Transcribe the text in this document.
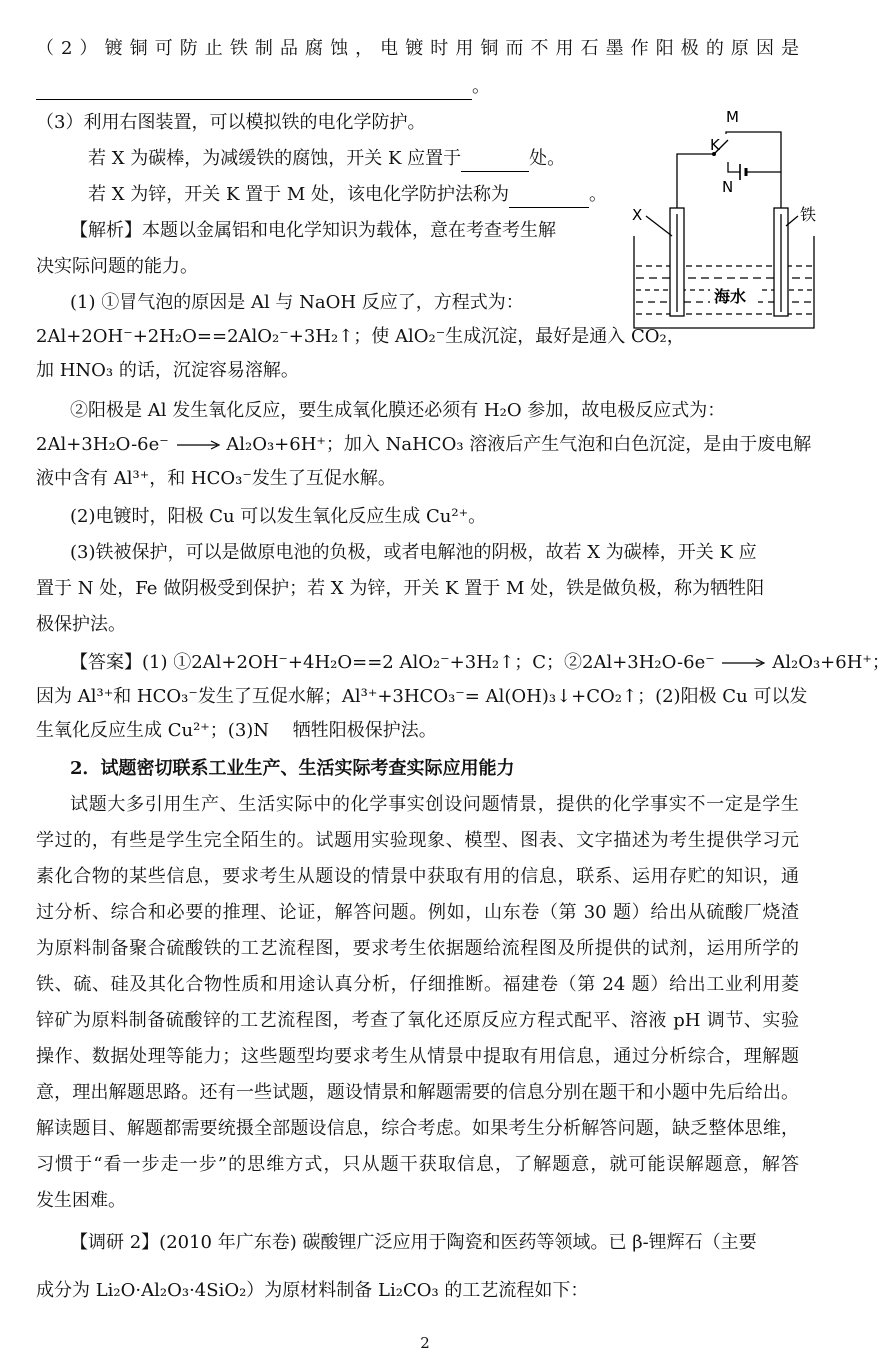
（2）镀铜可防止铁制品腐蚀，电镀时用铜而不用石墨作阳极的原因是
。
（3）利用右图装置，可以模拟铁的电化学防护。
若 X 为碳棒，为减缓铁的腐蚀，开关 K 应置于	处。
若 X 为锌，开关 K 置于 M 处，该电化学防护法称为	。
M
K
N
X	铁
海水
【解析】本题以金属铝和电化学知识为载体，意在考查考生解
决实际问题的能力。
(1) ①冒气泡的原因是 Al 与 NaOH 反应了，方程式为：
2Al+2OH⁻+2H₂O==2AlO₂⁻+3H₂↑；使 AlO₂⁻生成沉淀，最好是通入 CO₂，
加 HNO₃ 的话，沉淀容易溶解。
②阳极是 Al 发生氧化反应，要生成氧化膜还必须有 H₂O 参加，故电极反应式为：
2Al+3H₂O-6e⁻ → Al₂O₃+6H⁺；加入 NaHCO₃ 溶液后产生气泡和白色沉淀，是由于废电解
液中含有 Al³⁺，和 HCO₃⁻发生了互促水解。
(2)电镀时，阳极 Cu 可以发生氧化反应生成 Cu²⁺。
(3)铁被保护，可以是做原电池的负极，或者电解池的阴极，故若 X 为碳棒，开关 K 应
置于 N 处，Fe 做阴极受到保护；若 X 为锌，开关 K 置于 M 处，铁是做负极，称为牺牲阳
极保护法。
【答案】(1) ①2Al+2OH⁻+4H₂O==2 AlO₂⁻+3H₂↑；C；②2Al+3H₂O-6e⁻ → Al₂O₃+6H⁺；
因为 Al³⁺和 HCO₃⁻发生了互促水解；Al³⁺+3HCO₃⁻= Al(OH)₃↓+CO₂↑；(2)阳极 Cu 可以发
生氧化反应生成 Cu²⁺；(3)N　 牺牲阳极保护法。
2．试题密切联系工业生产、生活实际考查实际应用能力
试题大多引用生产、生活实际中的化学事实创设问题情景，提供的化学事实不一定是学生
学过的，有些是学生完全陌生的。试题用实验现象、模型、图表、文字描述为考生提供学习元
素化合物的某些信息，要求考生从题设的情景中获取有用的信息，联系、运用存贮的知识，通
过分析、综合和必要的推理、论证，解答问题。例如，山东卷（第 30 题）给出从硫酸厂烧渣
为原料制备聚合硫酸铁的工艺流程图，要求考生依据题给流程图及所提供的试剂，运用所学的
铁、硫、硅及其化合物性质和用途认真分析，仔细推断。福建卷（第 24 题）给出工业利用菱
锌矿为原料制备硫酸锌的工艺流程图，考查了氧化还原反应方程式配平、溶液 pH 调节、实验
操作、数据处理等能力；这些题型均要求考生从情景中提取有用信息，通过分析综合，理解题
意，理出解题思路。还有一些试题，题设情景和解题需要的信息分别在题干和小题中先后给出。
解读题目、解题都需要统摄全部题设信息，综合考虑。如果考生分析解答问题，缺乏整体思维，
习惯于“看一步走一步”的思维方式，只从题干获取信息，了解题意，就可能误解题意，解答
发生困难。
【调研 2】(2010 年广东卷) 碳酸锂广泛应用于陶瓷和医药等领域。已 β-锂辉石（主要
成分为 Li₂O·Al₂O₃·4SiO₂）为原材料制备 Li₂CO₃ 的工艺流程如下：
2
